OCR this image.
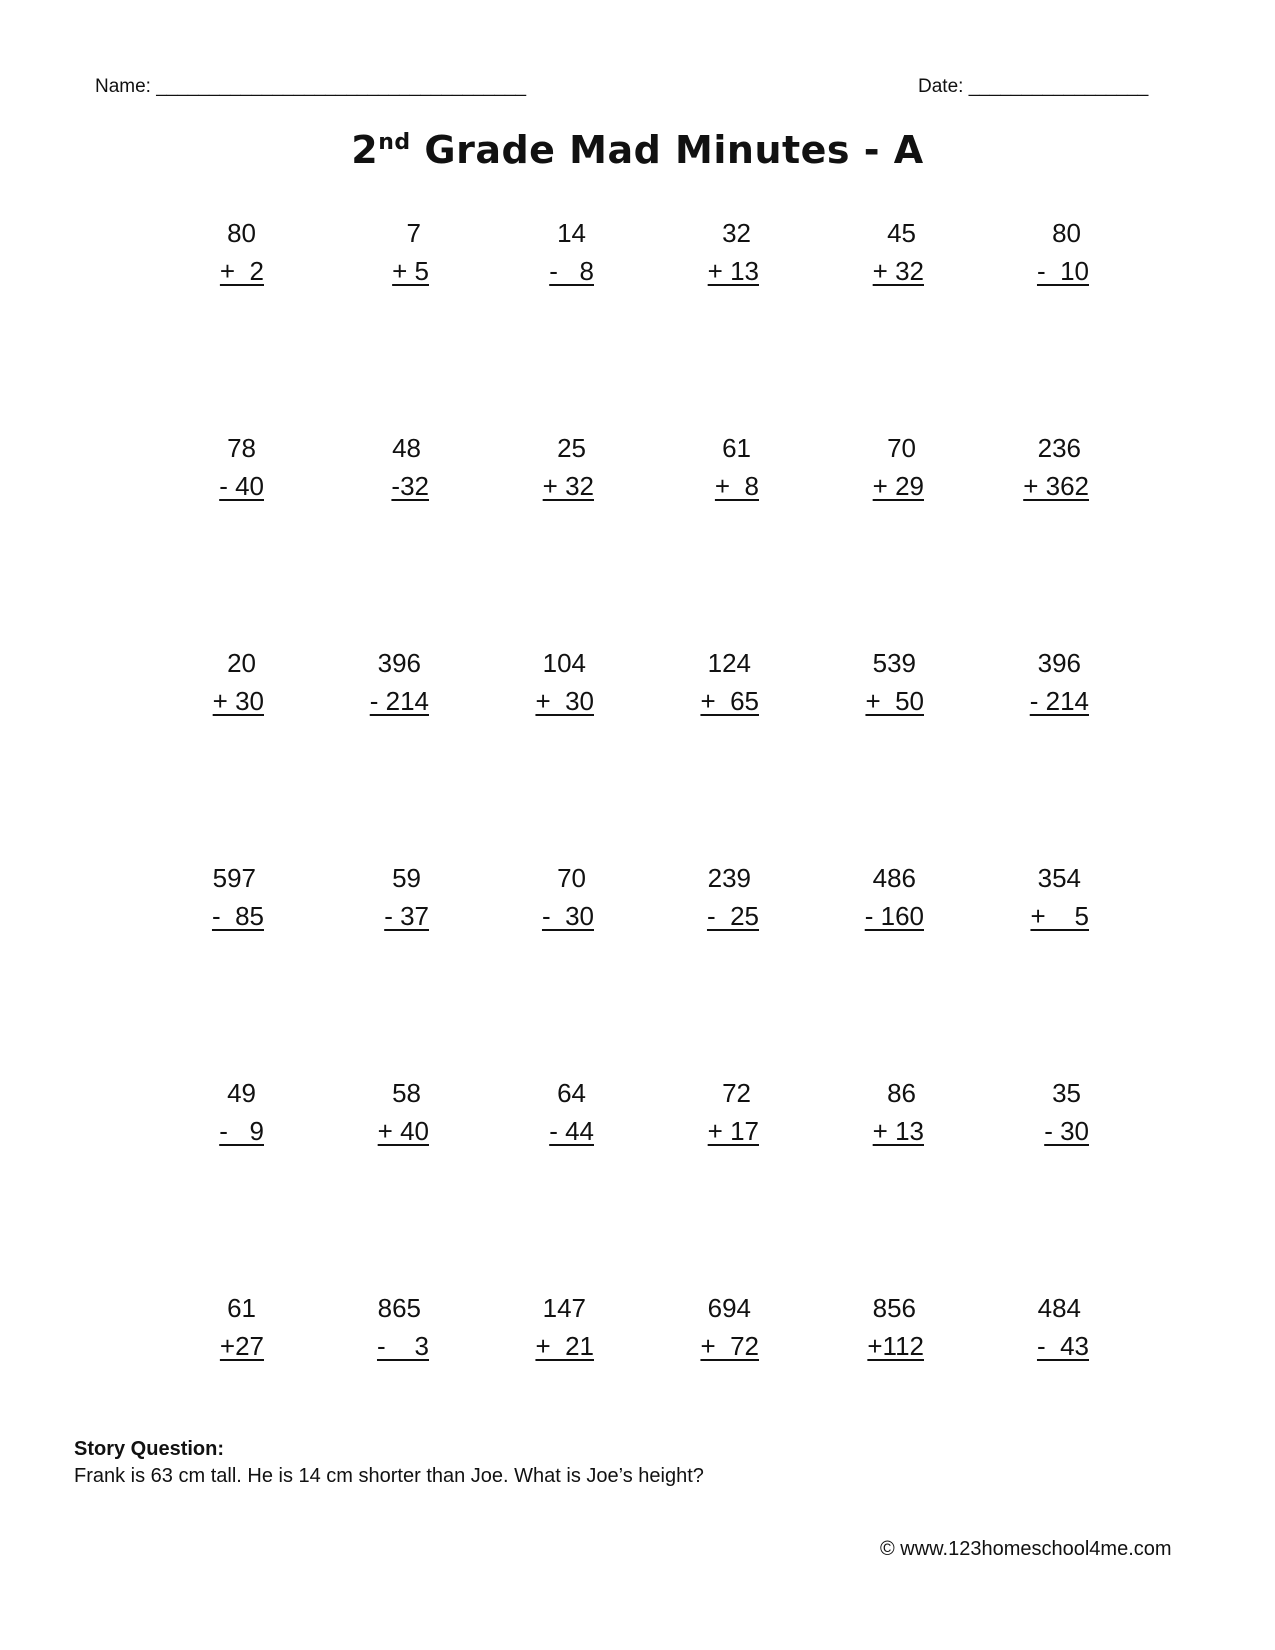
Name: ___________________________________	Date: _________________
2nd Grade Mad Minutes - A
80
+  2
7
+ 5
14
-   8
32
+ 13
45
+ 32
80
-  10
78
- 40
48
-32
25
+ 32
61
+  8
70
+ 29
236
+ 362
20
+ 30
396
- 214
104
+  30
124
+  65
539
+  50
396
- 214
597
-  85
59
- 37
70
-  30
239
-  25
486
- 160
354
+    5
49
-   9
58
+ 40
64
- 44
72
+ 17
86
+ 13
35
- 30
61
+27
865
-    3
147
+  21
694
+  72
856
+112
484
-  43
Story Question:
Frank is 63 cm tall. He is 14 cm shorter than Joe. What is Joe’s height?
© www.123homeschool4me.com
